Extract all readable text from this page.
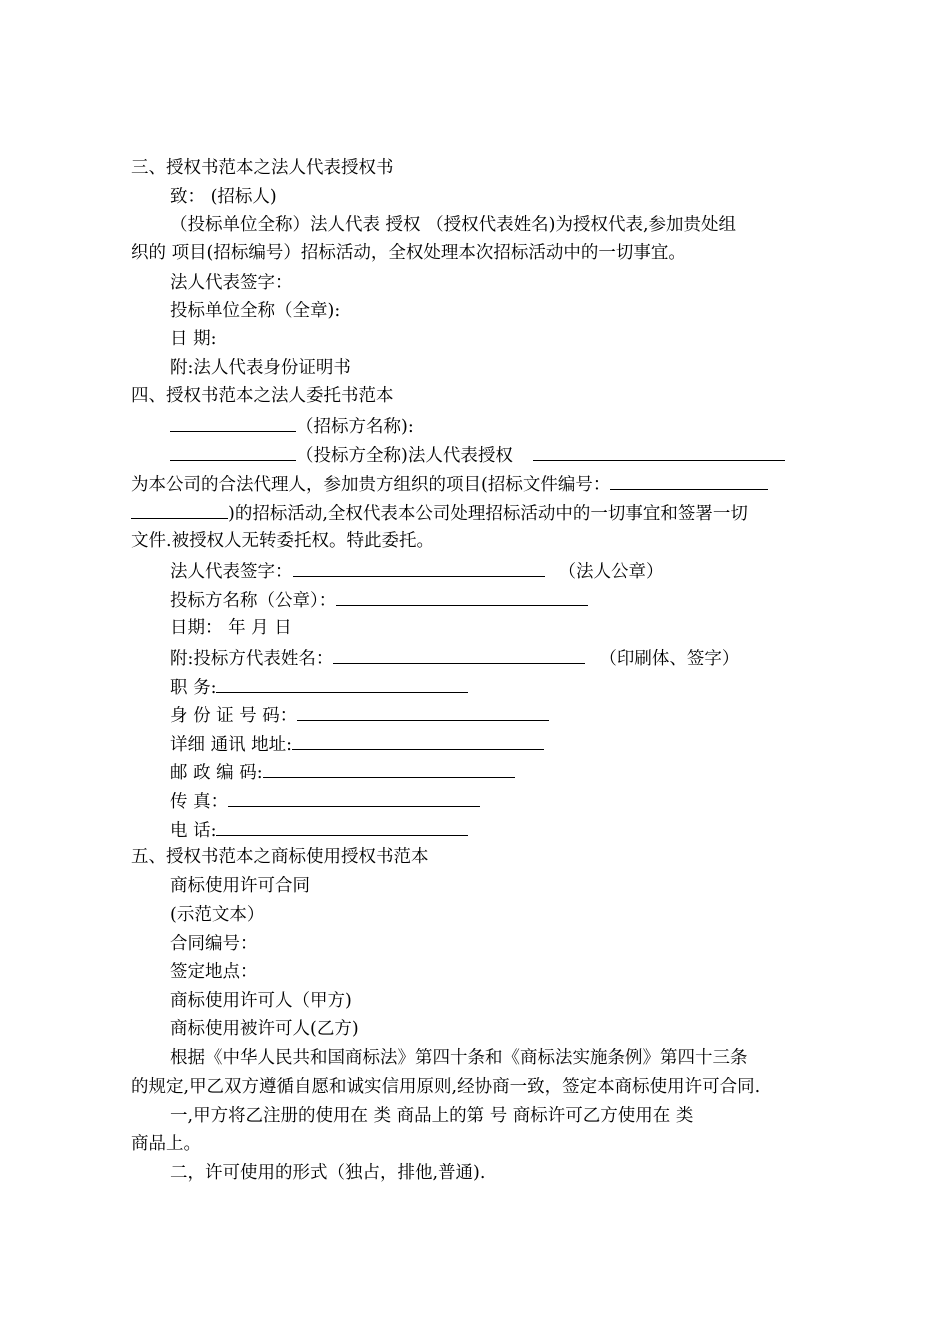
三、授权书范本之法人代表授权书
致： (招标人)
（投标单位全称）法人代表 授权 （授权代表姓名)为授权代表,参加贵处组
织的 项目(招标编号）招标活动，全权处理本次招标活动中的一切事宜。
法人代表签字：
投标单位全称（全章):
日 期:
附:法人代表身份证明书
四、授权书范本之法人委托书范本
（招标方名称):
（投标方全称)法人代表授权
为本公司的合法代理人，参加贵方组织的项目(招标文件编号：
)的招标活动,全权代表本公司处理招标活动中的一切事宜和签署一切
文件.被授权人无转委托权。特此委托。
法人代表签字：	（法人公章）
投标方名称（公章）：
日期： 年 月 日
附:投标方代表姓名：	（印刷体、签字）
职 务:
身 份 证 号 码：
详细 通讯 地址:
邮 政 编 码:
传 真：
电 话:
五、授权书范本之商标使用授权书范本
商标使用许可合同
(示范文本）
合同编号：
签定地点：
商标使用许可人（甲方)
商标使用被许可人(乙方)
根据《中华人民共和国商标法》第四十条和《商标法实施条例》第四十三条
的规定,甲乙双方遵循自愿和诚实信用原则,经协商一致，签定本商标使用许可合同.
一,甲方将乙注册的使用在 类 商品上的第 号 商标许可乙方使用在 类
商品上。
二，许可使用的形式（独占，排他,普通).
